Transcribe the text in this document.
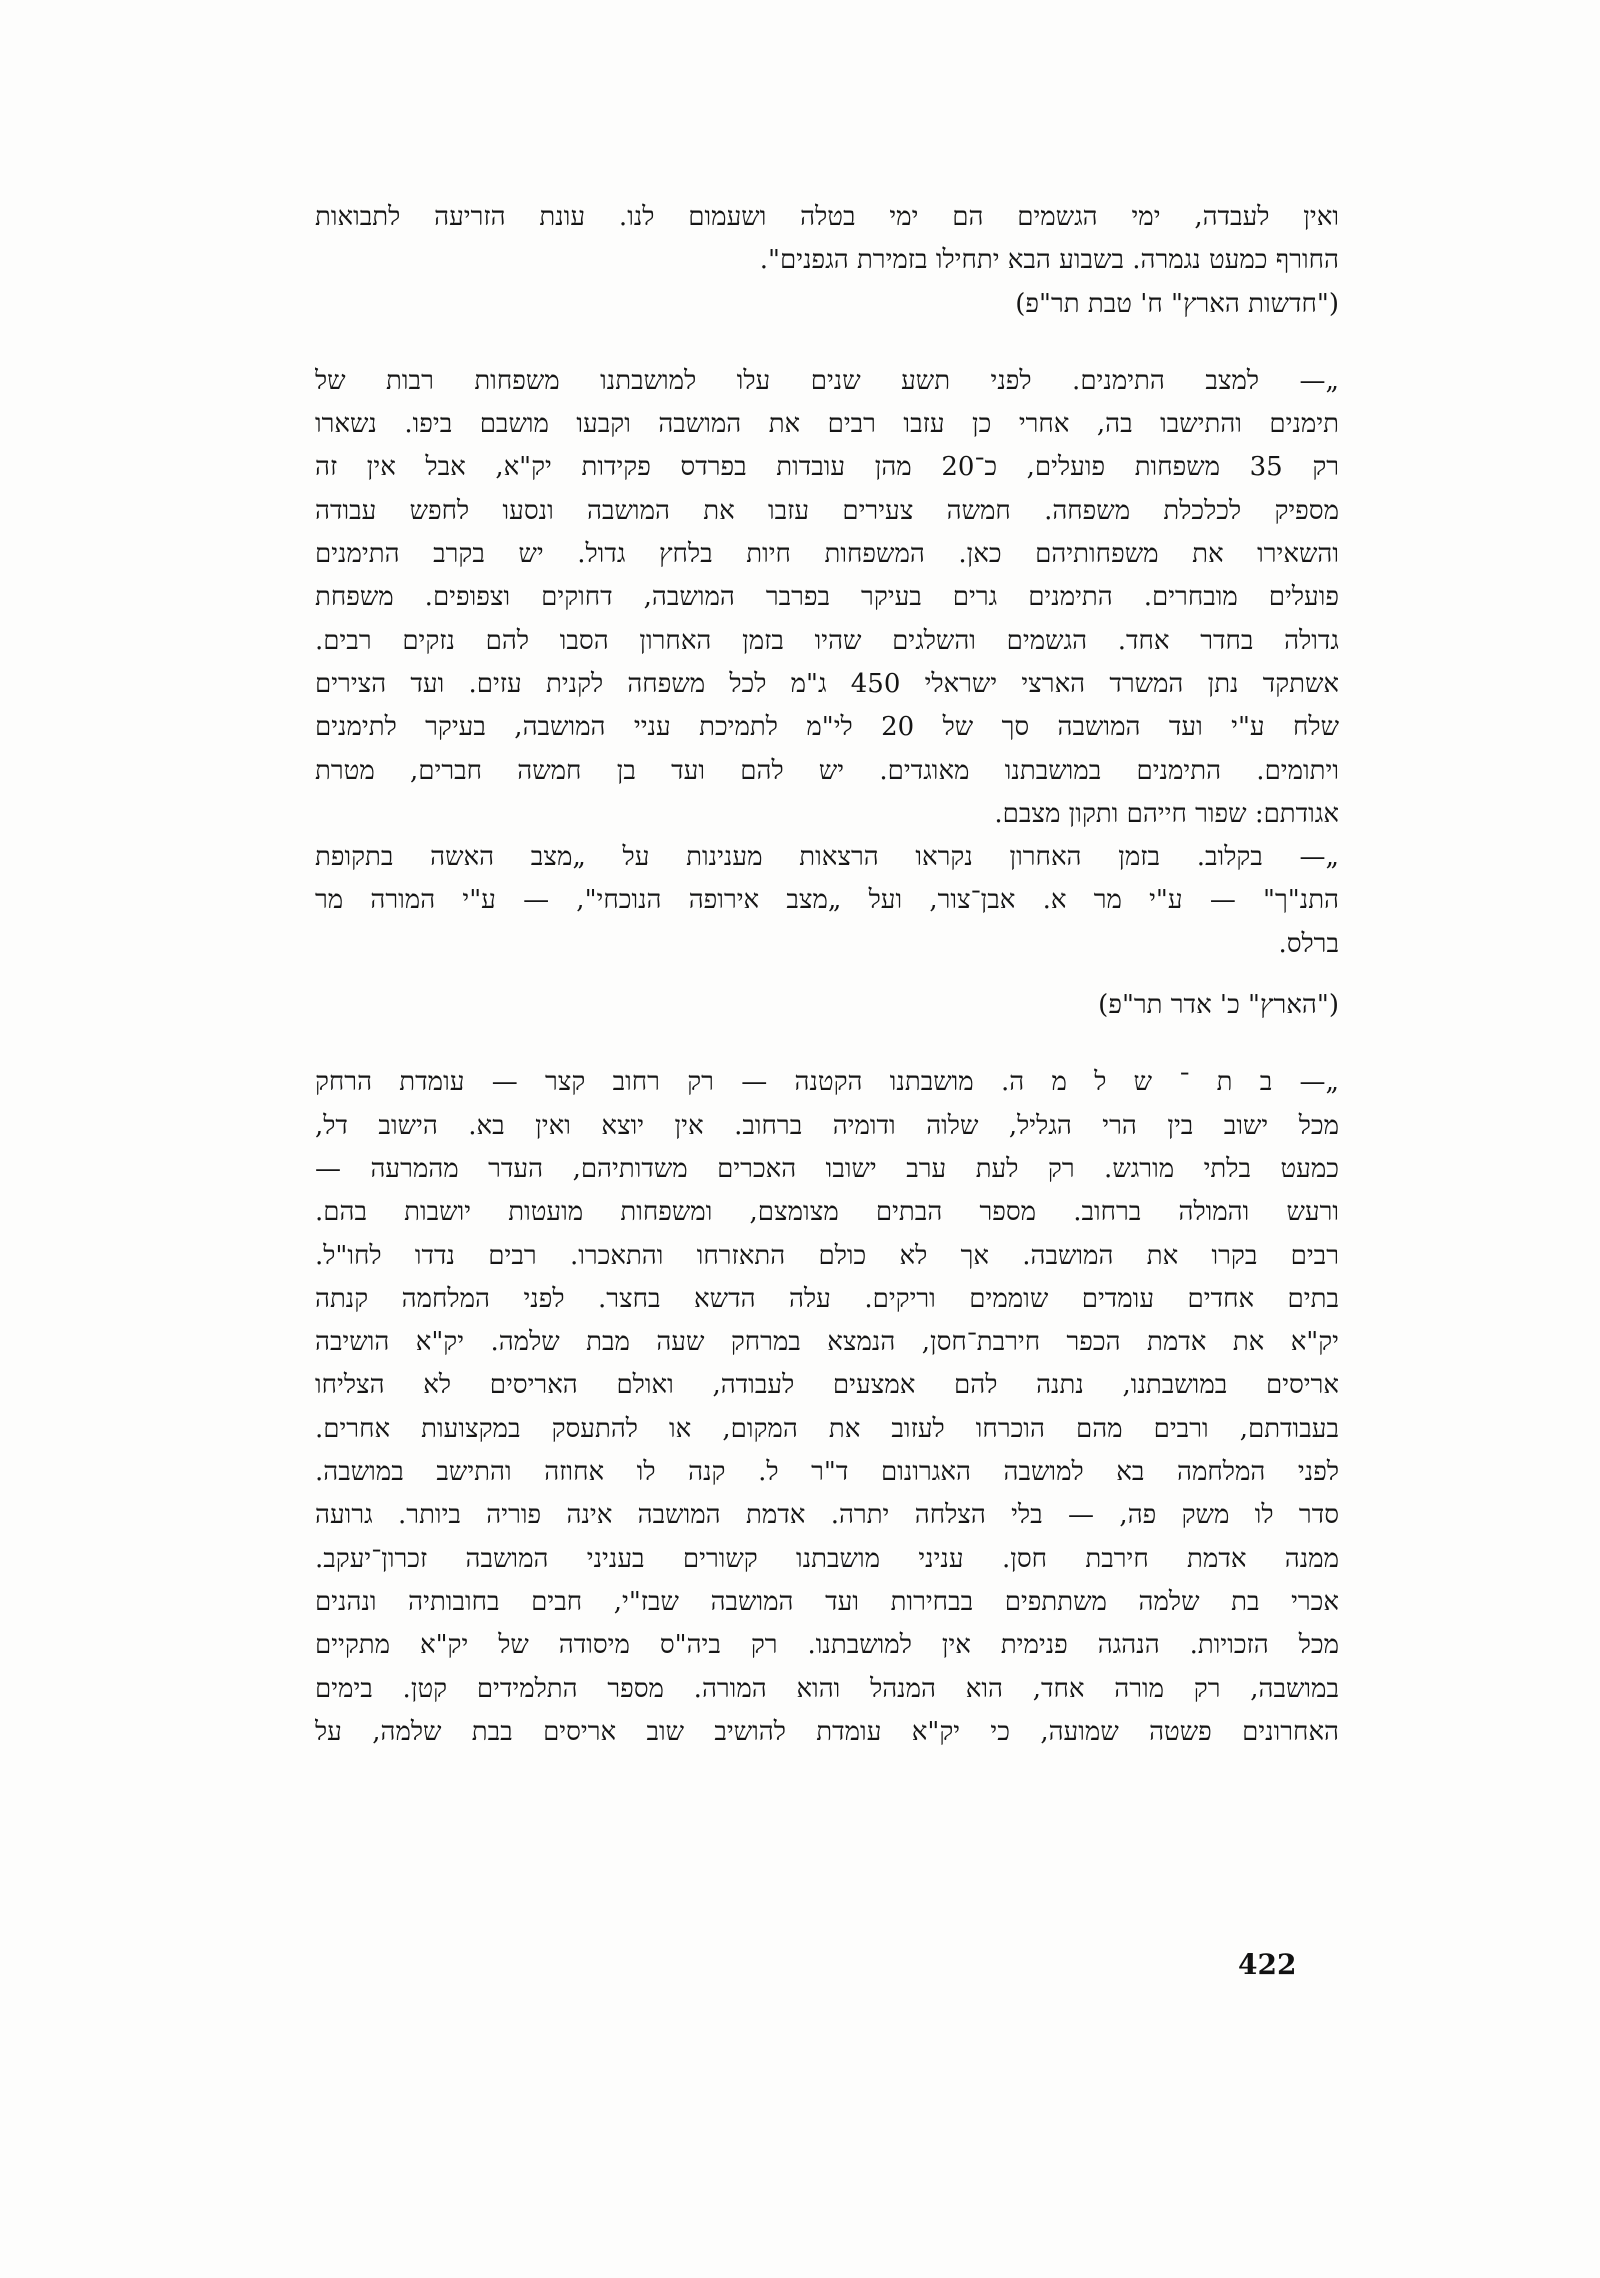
ואין לעבדה, ימי הגשמים הם ימי בטלה ושעמום לנו. עונת הזריעה לתבואות
החורף כמעט נגמרה. בשבוע הבא יתחילו בזמירת הגפנים".
("חדשות הארץ" ח' טבת תר"פ)
„— למצב התימנים. לפני תשע שנים עלו למושבתנו משפחות רבות של
תימנים והתישבו בה, אחרי כן עזבו רבים את המושבה וקבעו מושבם ביפו. נשארו
רק 35 משפחות פועלים, כ־20 מהן עובדות בפרדס פקידות יק"א, אבל אין זה
מספיק לכלכלת משפחה. חמשה צעירים עזבו את המושבה ונסעו לחפש עבודה
והשאירו את משפחותיהם כאן. המשפחות חיות בלחץ גדול. יש בקרב התימנים
פועלים מובחרים. התימנים גרים בעיקר בפרבר המושבה, דחוקים וצפופים. משפחת
גדולה בחדר אחד. הגשמים והשלגים שהיו בזמן האחרון הסבו להם נזקים רבים.
אשתקד נתן המשרד הארצי ישראלי 450 ג"מ לכל משפחה לקנית עזים. ועד הצירים
שלח ע"י ועד המושבה סך של 20 לי"מ לתמיכת עניי המושבה, בעיקר לתימנים
ויתומים. התימנים במושבתנו מאוגדים. יש להם ועד בן חמשה חברים, מטרת
אגודתם: שפור חייהם ותקון מצבם.
„— בקלוב. בזמן האחרון נקראו הרצאות מענינות על „מצב האשה בתקופת
התנ"ך" — ע"י מר א. אבן־צור, ועל „מצב אירופה הנוכחי", — ע"י המורה מר
ברלס.
("הארץ" כ' אדר תר"פ)
„— ב ת ־ ש ל מ ה. מושבתנו הקטנה — רק רחוב קצר — עומדת הרחק
מכל ישוב בין הרי הגליל, שלוה ודומיה ברחוב. אין יוצא ואין בא. הישוב דל,
כמעט בלתי מורגש. רק לעת ערב ישובו האכרים משדותיהם, העדר מהמרעה —
ורעש והמולה ברחוב. מספר הבתים מצומצם, ומשפחות מועטות יושבות בהם.
רבים בקרו את המושבה. אך לא כולם התאזרחו והתאכרו. רבים נדדו לחו"ל.
בתים אחדים עומדים שוממים וריקים. עלה הדשא בחצר. לפני המלחמה קנתה
יק"א את אדמת הכפר חירבת־חסן, הנמצא במרחק שעה מבת שלמה. יק"א הושיבה
אריסים במושבתנו, נתנה להם אמצעים לעבודה, ואולם האריסים לא הצליחו
בעבודתם, ורבים מהם הוכרחו לעזוב את המקום, או להתעסק במקצועות אחרים.
לפני המלחמה בא למושבה האגרונום ד"ר ל. קנה לו אחוזה והתישב במושבה.
סדר לו משק פה, — בלי הצלחה יתרה. אדמת המושבה אינה פוריה ביותר. גרועה
ממנה אדמת חירבת חסן. עניני מושבתנו קשורים בעניני המושבה זכרון־יעקב.
אכרי בת שלמה משתתפים בבחירות ועד המושבה שבז"י, חבים בחובותיה ונהנים
מכל הזכויות. הנהגה פנימית אין למושבתנו. רק ביה"ס מיסודה של יק"א מתקיים
במושבה, רק מורה אחד, הוא המנהל והוא המורה. מספר התלמידים קטן. בימים
האחרונים פשטה שמועה, כי יק"א עומדת להושיב שוב אריסים בבת שלמה, על
422
